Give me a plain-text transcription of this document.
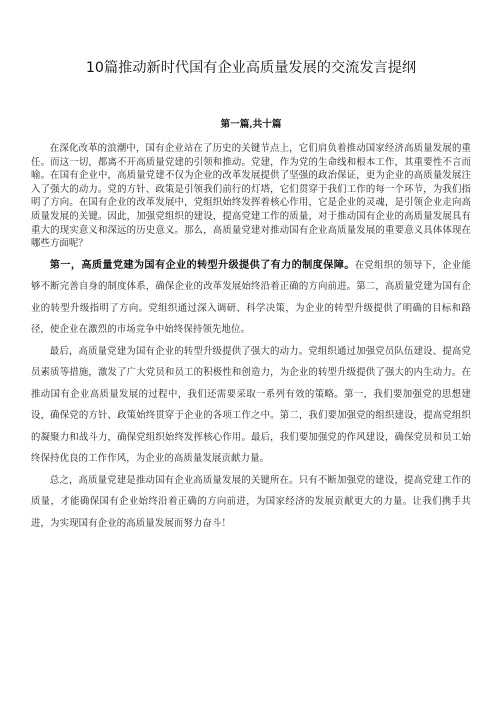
10篇推动新时代国有企业高质量发展的交流发言提纲
第一篇,共十篇

在深化改革的浪潮中，国有企业站在了历史的关键节点上，它们肩负着推动国家经济高质量发展的重任。而这一切，都离不开高质量党建的引领和推动。党建，作为党的生命线和根本工作，其重要性不言而喻。在国有企业中，高质量党建不仅为企业的改革发展提供了坚强的政治保证，更为企业的高质量发展注入了强大的动力。党的方针、政策是引领我们前行的灯塔，它们贯穿于我们工作的每一个环节，为我们指明了方向。在国有企业的改革发展中，党组织始终发挥着核心作用，它是企业的灵魂，是引领企业走向高质量发展的关键。因此，加强党组织的建设，提高党建工作的质量，对于推动国有企业的高质量发展具有重大的现实意义和深远的历史意义。那么，高质量党建对推动国有企业高质量发展的重要意义具体体现在哪些方面呢？

第一，高质量党建为国有企业的转型升级提供了有力的制度保障。在党组织的领导下，企业能够不断完善自身的制度体系，确保企业的改革发展始终沿着正确的方向前进。第二，高质量党建为国有企业的转型升级指明了方向。党组织通过深入调研、科学决策，为企业的转型升级提供了明确的目标和路径，使企业在激烈的市场竞争中始终保持领先地位。

最后，高质量党建为国有企业的转型升级提供了强大的动力。党组织通过加强党员队伍建设、提高党员素质等措施，激发了广大党员和员工的积极性和创造力，为企业的转型升级提供了强大的内生动力。在推动国有企业高质量发展的过程中，我们还需要采取一系列有效的策略。第一，我们要加强党的思想建设，确保党的方针、政策始终贯穿于企业的各项工作之中。第二，我们要加强党的组织建设，提高党组织的凝聚力和战斗力，确保党组织始终发挥核心作用。最后，我们要加强党的作风建设，确保党员和员工始终保持优良的工作作风，为企业的高质量发展贡献力量。

总之，高质量党建是推动国有企业高质量发展的关键所在。只有不断加强党的建设，提高党建工作的质量，才能确保国有企业始终沿着正确的方向前进，为国家经济的发展贡献更大的力量。让我们携手共进，为实现国有企业的高质量发展而努力奋斗！
